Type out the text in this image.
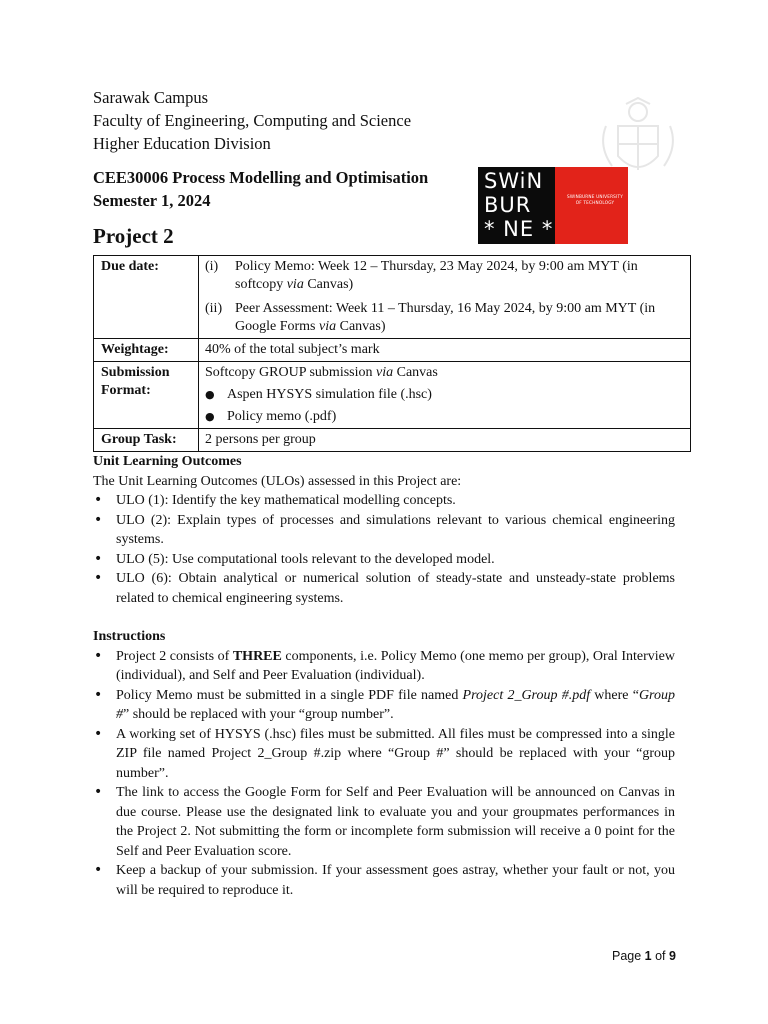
Sarawak Campus
Faculty of Engineering, Computing and Science
Higher Education Division
CEE30006 Process Modelling and Optimisation
Semester 1, 2024
SWiN
BUR
* NE *
SWINBURNE UNIVERSITY OF TECHNOLOGY
Project 2
Due date:	(i) Policy Memo: Week 12 – Thursday, 23 May 2024, by 9:00 am MYT (in softcopy via Canvas)
(ii) Peer Assessment: Week 11 – Thursday, 16 May 2024, by 9:00 am MYT (in Google Forms via Canvas)

Weightage:	40% of the total subject’s mark
Submission Format:	Softcopy GROUP submission via Canvas
● Aspen HYSYS simulation file (.hsc)
● Policy memo (.pdf)

Group Task:	2 persons per group
Unit Learning Outcomes

The Unit Learning Outcomes (ULOs) assessed in this Project are:

• ULO (1): Identify the key mathematical modelling concepts.
• ULO (2): Explain types of processes and simulations relevant to various chemical engineering systems.
• ULO (5): Use computational tools relevant to the developed model.
• ULO (6): Obtain analytical or numerical solution of steady-state and unsteady-state problems related to chemical engineering systems.
Instructions
• Project 2 consists of THREE components, i.e. Policy Memo (one memo per group), Oral Interview (individual), and Self and Peer Evaluation (individual).
• Policy Memo must be submitted in a single PDF file named Project 2_Group #.pdf where “Group #” should be replaced with your “group number”.
• A working set of HYSYS (.hsc) files must be submitted. All files must be compressed into a single ZIP file named Project 2_Group #.zip where “Group #” should be replaced with your “group number”.
• The link to access the Google Form for Self and Peer Evaluation will be announced on Canvas in due course. Please use the designated link to evaluate you and your groupmates performances in the Project 2. Not submitting the form or incomplete form submission will receive a 0 point for the Self and Peer Evaluation score.
• Keep a backup of your submission. If your assessment goes astray, whether your fault or not, you will be required to reproduce it.
Page 1 of 9
